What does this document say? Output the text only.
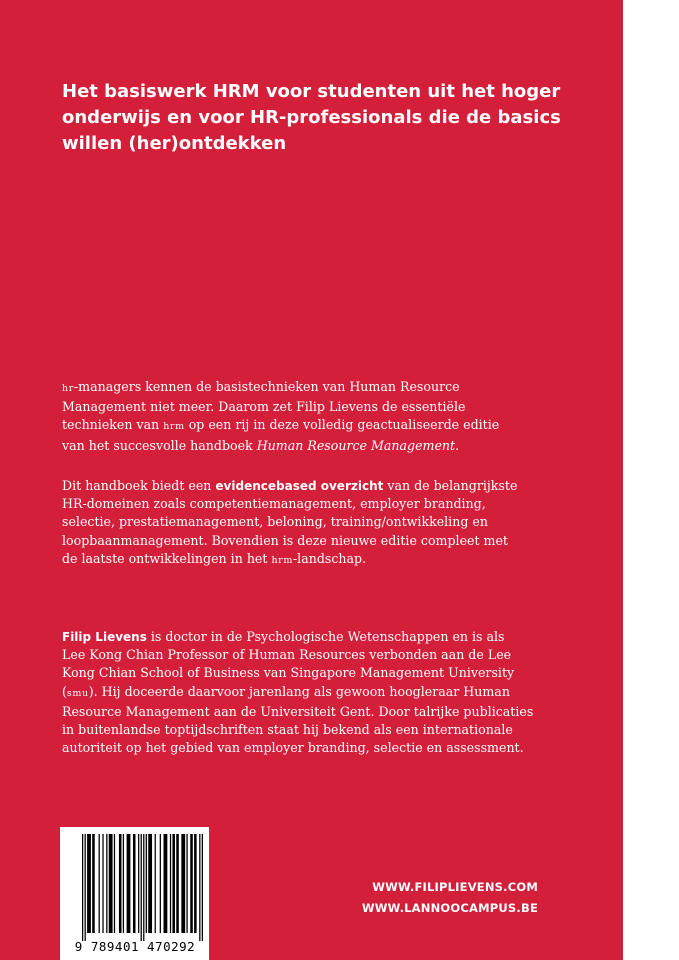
Het basiswerk HRM voor studenten uit het hoger
onderwijs en voor HR-professionals die de basics
willen (her)ontdekken

hr-managers kennen de basistechnieken van Human Resource
Management niet meer. Daarom zet Filip Lievens de essentiële
technieken van hrm op een rij in deze volledig geactualiseerde editie
van het succesvolle handboek Human Resource Management.

Dit handboek biedt een evidencebased overzicht van de belangrijkste
HR-domeinen zoals competentiemanagement, employer branding,
selectie, prestatiemanagement, beloning, training/ontwikkeling en
loopbaanmanagement. Bovendien is deze nieuwe editie compleet met
de laatste ontwikkelingen in het hrm-landschap.

Filip Lievens is doctor in de Psychologische Wetenschappen en is als
Lee Kong Chian Professor of Human Resources verbonden aan de Lee
Kong Chian School of Business van Singapore Management University
(smu). Hij doceerde daarvoor jarenlang als gewoon hoogleraar Human
Resource Management aan de Universiteit Gent. Door talrijke publicaties
in buitenlandse toptijdschriften staat hij bekend als een internationale
autoriteit op het gebied van employer branding, selectie en assessment.

WWW.FILIPLIEVENS.COM
WWW.LANNOOCAMPUS.BE
9 789401 470292
